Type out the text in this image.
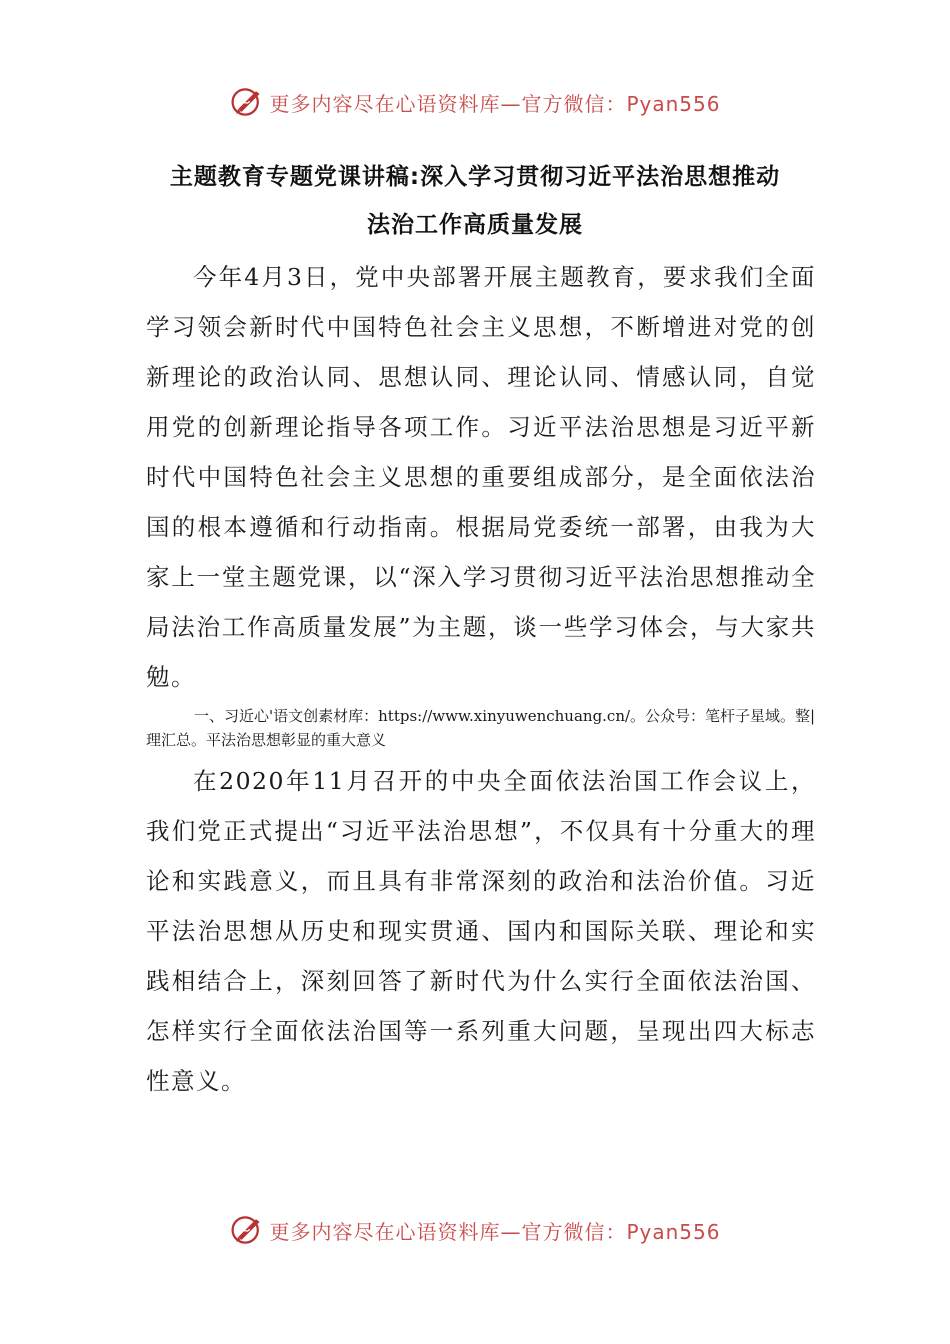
更多内容尽在心语资料库—官方微信：Pyan556
主题教育专题党课讲稿:深入学习贯彻习近平法治思想推动
法治工作高质量发展

今年4月3日，党中央部署开展主题教育，要求我们全面学习领会新时代中国特色社会主义思想，不断增进对党的创新理论的政治认同、思想认同、理论认同、情感认同，自觉用党的创新理论指导各项工作。习近平法治思想是习近平新时代中国特色社会主义思想的重要组成部分，是全面依法治国的根本遵循和行动指南。根据局党委统一部署，由我为大家上一堂主题党课，以“深入学习贯彻习近平法治思想推动全局法治工作高质量发展”为主题，谈一些学习体会，与大家共勉。

一、习近心'语文创素材库：https://www.xinyuwenchuang.cn/。公众号：笔杆子星域。整|理汇总。平法治思想彰显的重大意义

在2020年11月召开的中央全面依法治国工作会议上，我们党正式提出“习近平法治思想”，不仅具有十分重大的理论和实践意义，而且具有非常深刻的政治和法治价值。习近平法治思想从历史和现实贯通、国内和国际关联、理论和实践相结合上，深刻回答了新时代为什么实行全面依法治国、怎样实行全面依法治国等一系列重大问题，呈现出四大标志性意义。

更多内容尽在心语资料库—官方微信：Pyan556
